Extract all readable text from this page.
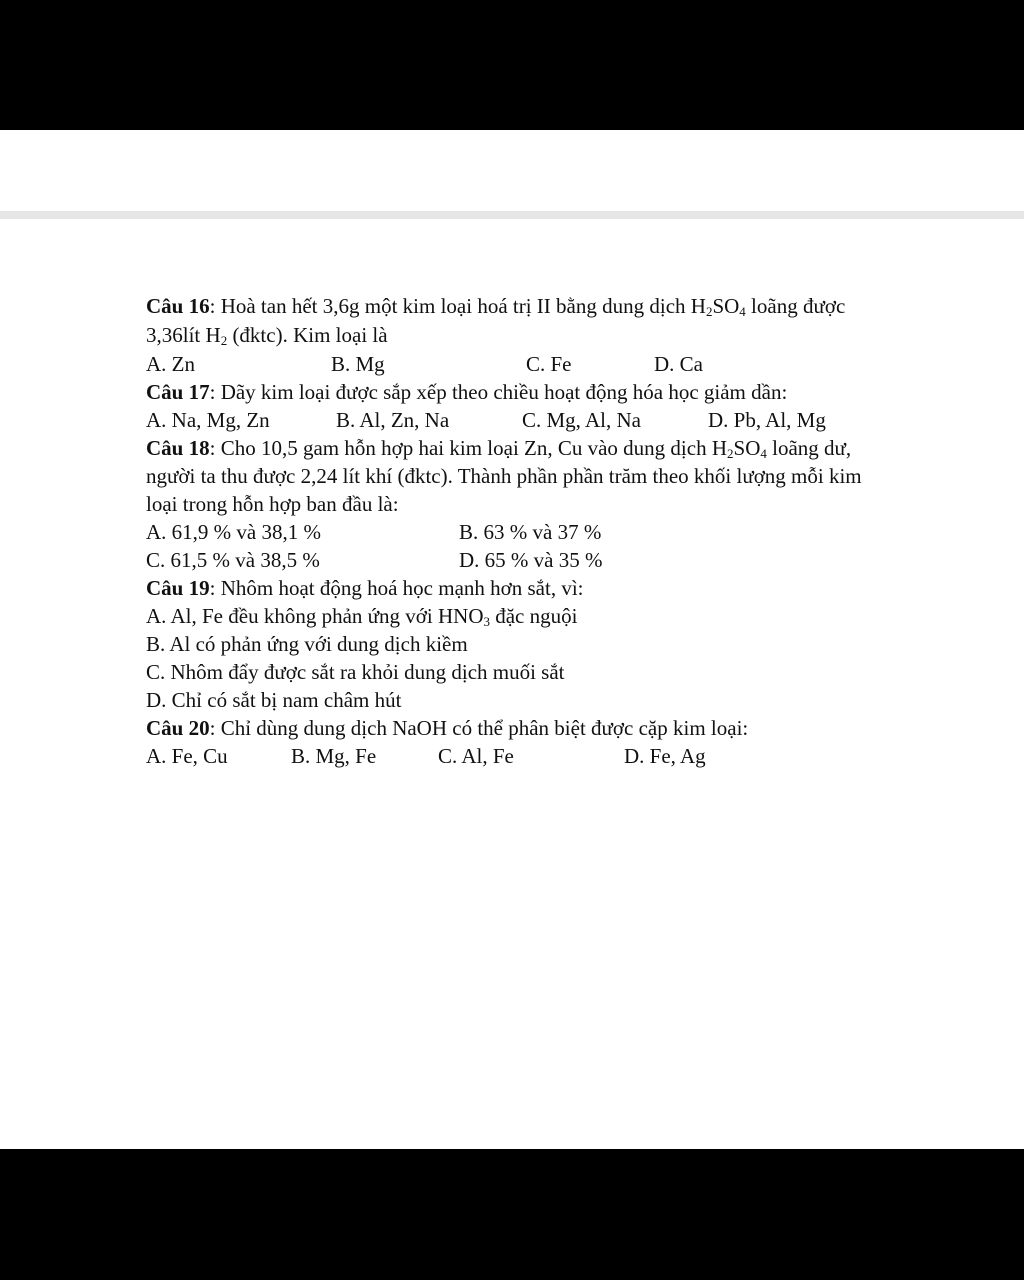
Câu 16: Hoà tan hết 3,6g một kim loại hoá trị II bằng dung dịch $H_2SO_4$ loãng được
3,36lít $H_2$ (đktc). Kim loại là
A. Zn	B. Mg	C. Fe	D. Ca
Câu 17: Dãy kim loại được sắp xếp theo chiều hoạt động hóa học giảm dần:
A. Na, Mg, Zn	B. Al, Zn, Na	C. Mg, Al, Na	D. Pb, Al, Mg
Câu 18: Cho 10,5 gam hỗn hợp hai kim loại Zn, Cu vào dung dịch $H_2SO_4$ loãng dư,
người ta thu được 2,24 lít khí (đktc). Thành phần phần trăm theo khối lượng mỗi kim
loại trong hỗn hợp ban đầu là:
A. 61,9 % và 38,1 %	B. 63 % và 37 %
C. 61,5 % và 38,5 %	D. 65 % và 35 %
Câu 19: Nhôm hoạt động hoá học mạnh hơn sắt, vì:
A. Al, Fe đều không phản ứng với $HNO_3$ đặc nguội
B. Al có phản ứng với dung dịch kiềm
C. Nhôm đẩy được sắt ra khỏi dung dịch muối sắt
D. Chỉ có sắt bị nam châm hút
Câu 20: Chỉ dùng dung dịch NaOH có thể phân biệt được cặp kim loại:
A. Fe, Cu	B. Mg, Fe	C. Al, Fe	D. Fe, Ag
